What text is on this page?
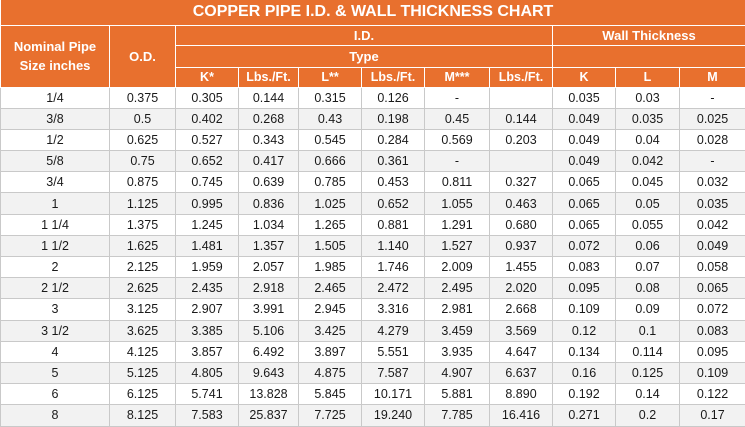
COPPER PIPE I.D. & WALL THICKNESS CHART										
Nominal Pipe Size inches	O.D.	I.D.						Wall Thickness		
		Type								
		K*	Lbs./Ft.	L**	Lbs./Ft.	M***	Lbs./Ft.	K	L	M
1/4	0.375	0.305	0.144	0.315	0.126	-		0.035	0.03	-
3/8	0.5	0.402	0.268	0.43	0.198	0.45	0.144	0.049	0.035	0.025
1/2	0.625	0.527	0.343	0.545	0.284	0.569	0.203	0.049	0.04	0.028
5/8	0.75	0.652	0.417	0.666	0.361	-		0.049	0.042	-
3/4	0.875	0.745	0.639	0.785	0.453	0.811	0.327	0.065	0.045	0.032
1	1.125	0.995	0.836	1.025	0.652	1.055	0.463	0.065	0.05	0.035
1 1/4	1.375	1.245	1.034	1.265	0.881	1.291	0.680	0.065	0.055	0.042
1 1/2	1.625	1.481	1.357	1.505	1.140	1.527	0.937	0.072	0.06	0.049
2	2.125	1.959	2.057	1.985	1.746	2.009	1.455	0.083	0.07	0.058
2 1/2	2.625	2.435	2.918	2.465	2.472	2.495	2.020	0.095	0.08	0.065
3	3.125	2.907	3.991	2.945	3.316	2.981	2.668	0.109	0.09	0.072
3 1/2	3.625	3.385	5.106	3.425	4.279	3.459	3.569	0.12	0.1	0.083
4	4.125	3.857	6.492	3.897	5.551	3.935	4.647	0.134	0.114	0.095
5	5.125	4.805	9.643	4.875	7.587	4.907	6.637	0.16	0.125	0.109
6	6.125	5.741	13.828	5.845	10.171	5.881	8.890	0.192	0.14	0.122
8	8.125	7.583	25.837	7.725	19.240	7.785	16.416	0.271	0.2	0.17
